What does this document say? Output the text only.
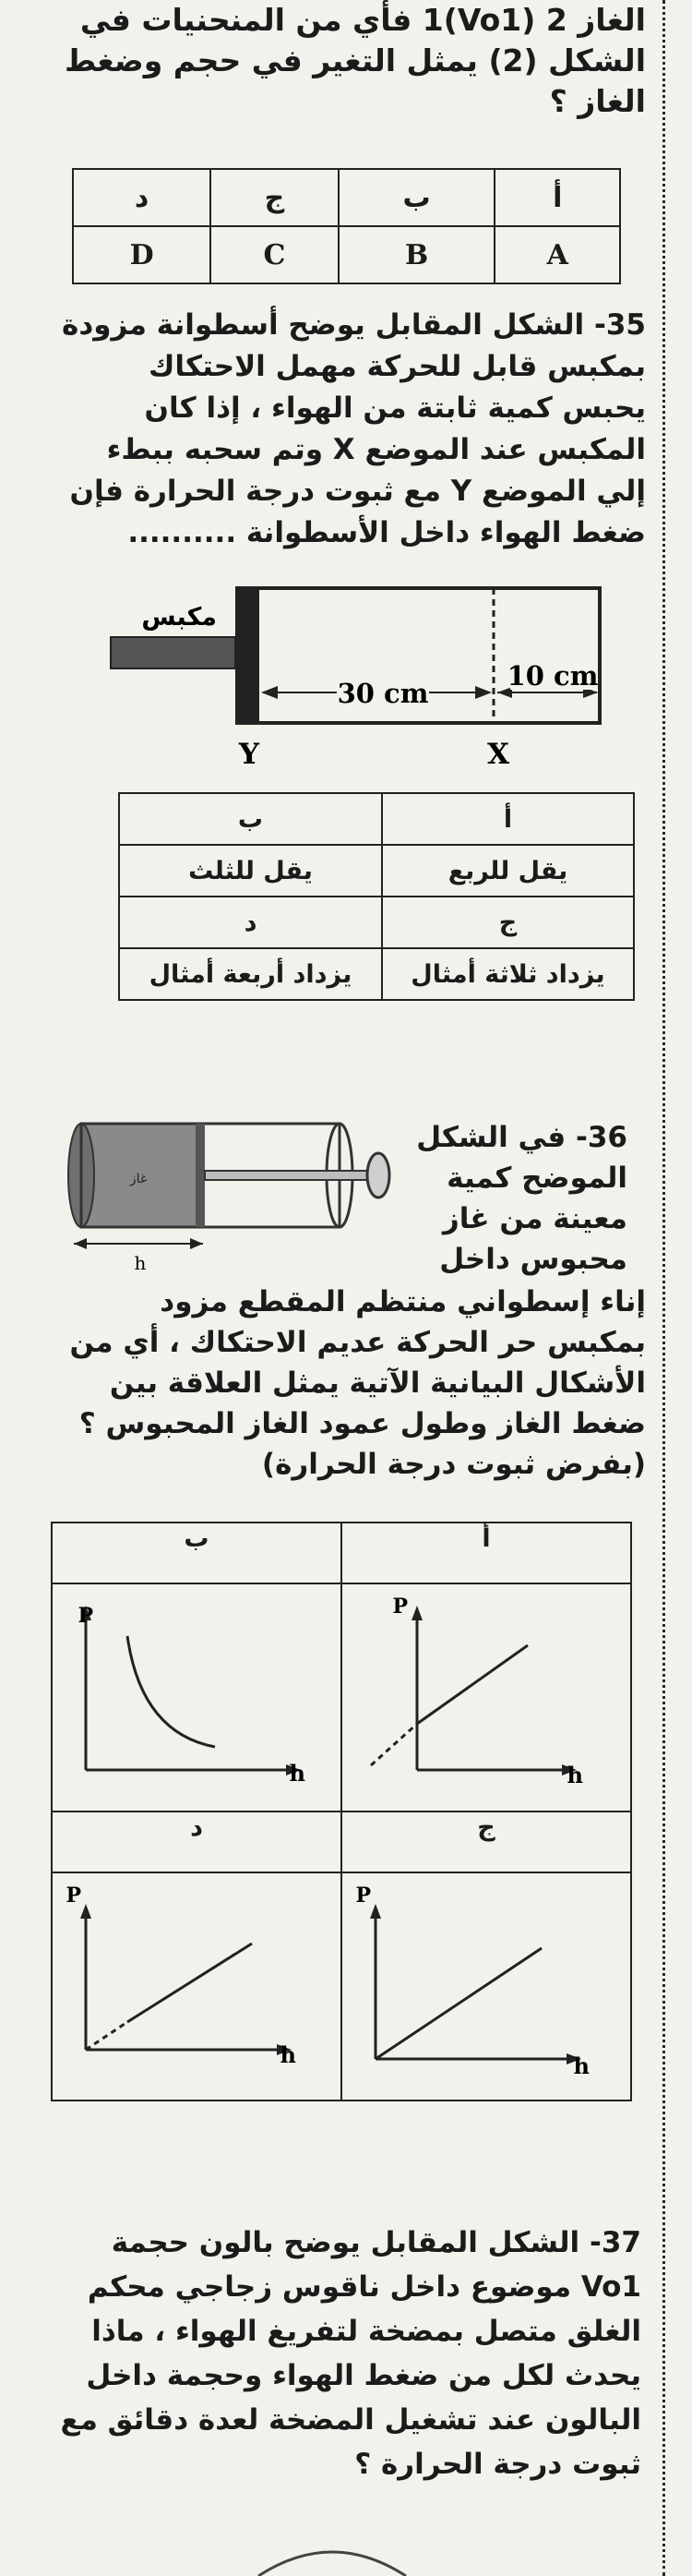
الغاز 2 (Vo1)1 فأي من المنحنيات في الشكل (2) يمثل التغير في حجم وضغط الغاز ؟
أ	ب	ج	د
A	B	C	D
35- الشكل المقابل يوضح أسطوانة مزودة بمكبس قابل للحركة مهمل الاحتكاك يحبس كمية ثابتة من الهواء ، إذا كان المكبس عند الموضع X وتم سحبه ببطء إلي الموضع Y مع ثبوت درجة الحرارة فإن ضغط الهواء داخل الأسطوانة ..........
مكبس
30 cm
10 cm
Y	X
أ	ب
يقل للربع	يقل للثلث
ج	د
يزداد ثلاثة أمثال	يزداد أربعة أمثال
غاز
h
36- في الشكل الموضح كمية معينة من غاز محبوس داخل
إناء إسطواني منتظم المقطع مزود بمكبس حر الحركة عديم الاحتكاك ، أي من الأشكال البيانية الآتية يمثل العلاقة بين ضغط الغاز وطول عمود الغاز المحبوس ؟ (بفرض ثبوت درجة الحرارة)
أ	ب

P
h	P
h

ج	د

P
h	P
h
37- الشكل المقابل يوضح بالون حجمة Vo1 موضوع داخل ناقوس زجاجي محكم الغلق متصل بمضخة لتفريغ الهواء ، ماذا يحدث لكل من ضغط الهواء وحجمة داخل البالون عند تشغيل المضخة لعدة دقائق مع ثبوت درجة الحرارة ؟
